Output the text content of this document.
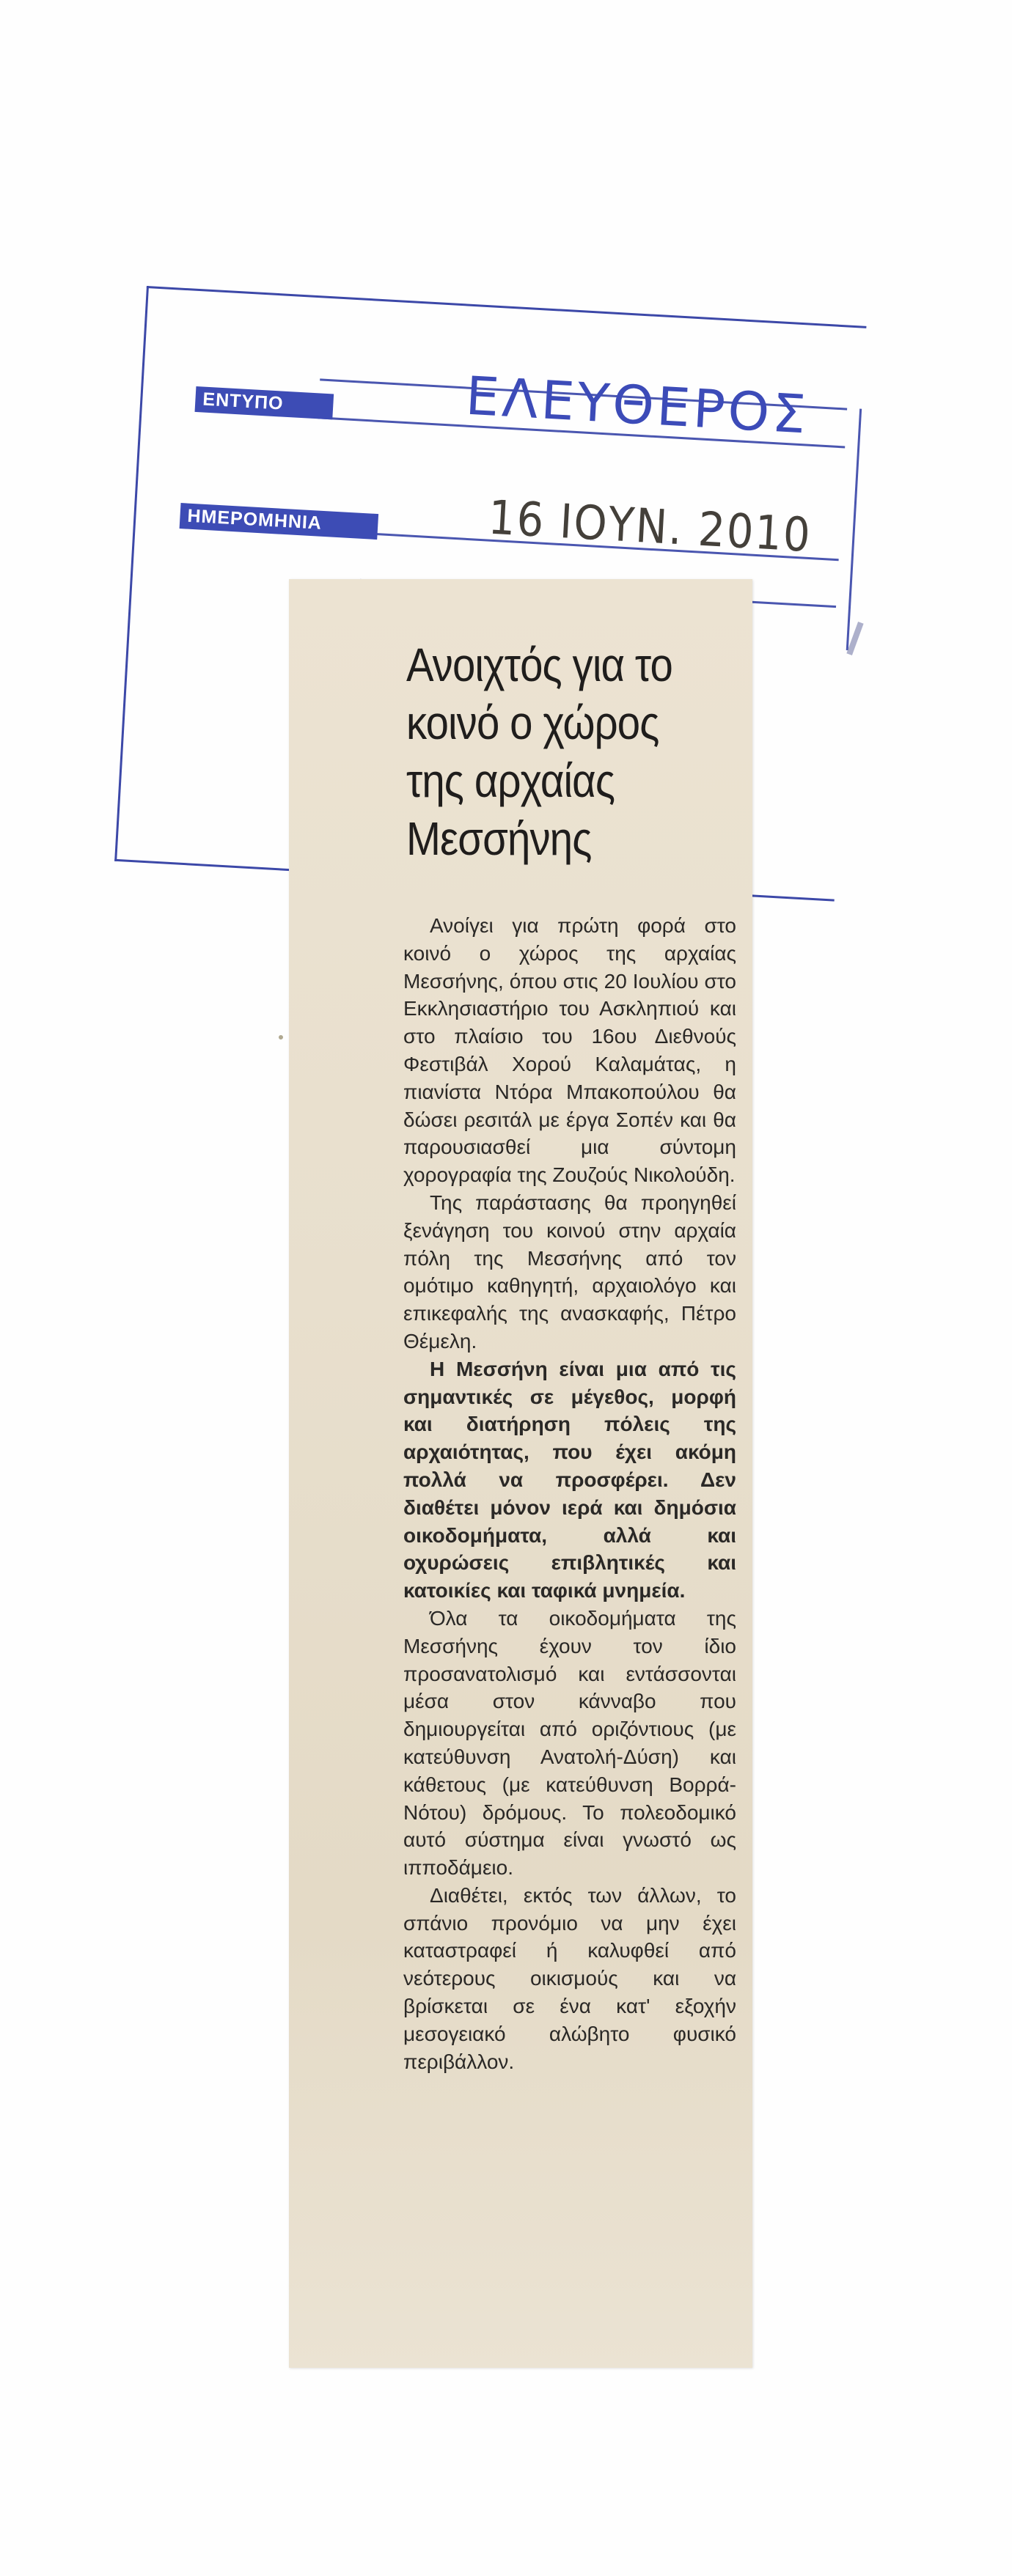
ΕΝΤΥΠΟ
ΗΜΕΡΟΜΗΝΙΑ
ΕΛΕΥΘΕΡΟΣ
16 ΙΟΥΝ. 2010
Ανοιχτός για το
κοινό ο χώρος
της αρχαίας
Μεσσήνης

Ανοίγει για πρώτη φορά στο κοινό ο χώρος της αρχαίας Μεσσήνης, όπου στις 20 Ιουλίου στο Εκκλησιαστήριο του Ασκληπιού και στο πλαίσιο του 16ου Διεθνούς Φεστιβάλ Χορού Καλαμάτας, η πιανίστα Ντόρα Μπακοπούλου θα δώσει ρεσιτάλ με έργα Σοπέν και θα παρουσιασθεί μια σύντομη χορογραφία της Ζουζούς Νικολούδη.

Της παράστασης θα προηγηθεί ξενάγηση του κοινού στην αρχαία πόλη της Μεσσήνης από τον ομότιμο καθηγητή, αρχαιολόγο και επικεφαλής της ανασκαφής, Πέτρο Θέμελη.

Η Μεσσήνη είναι μια από τις σημαντικές σε μέγεθος, μορφή και διατήρηση πόλεις της αρχαιότητας, που έχει ακόμη πολλά να προσφέρει. Δεν διαθέτει μόνον ιερά και δημόσια οικοδομήματα, αλλά και οχυρώσεις επιβλητικές και κατοικίες και ταφικά μνημεία.

Όλα τα οικοδομήματα της Μεσσήνης έχουν τον ίδιο προσανατολισμό και εντάσσονται μέσα στον κάνναβο που δημιουργείται από οριζόντιους (με κατεύθυνση Ανατολή-Δύση) και κάθετους (με κατεύθυνση Βορρά-Νότου) δρόμους. Το πολεοδομικό αυτό σύστημα είναι γνωστό ως ιπποδάμειο.

Διαθέτει, εκτός των άλλων, το σπάνιο προνόμιο να μην έχει καταστραφεί ή καλυφθεί από νεότερους οικισμούς και να βρίσκεται σε ένα κατ' εξοχήν μεσογειακό αλώβητο φυσικό περιβάλλον.
